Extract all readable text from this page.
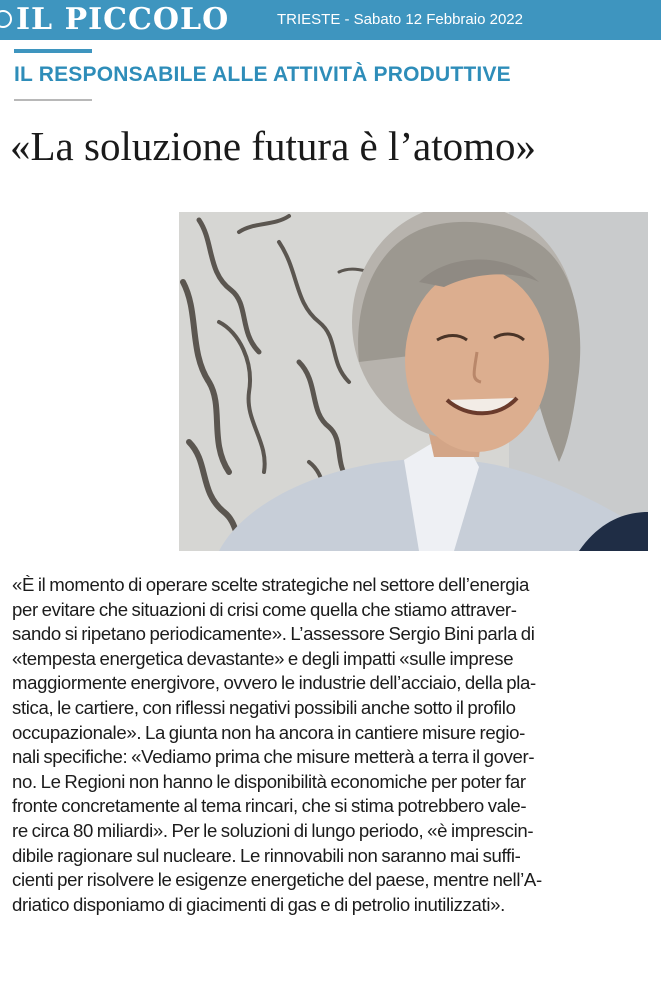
IL PICCOLO	TRIESTE - Sabato 12 Febbraio 2022
IL RESPONSABILE ALLE ATTIVITÀ PRODUTTIVE
«La soluzione futura è l’atomo»
«È il momento di operare scelte strategiche nel settore dell’energia
per evitare che situazioni di crisi come quella che stiamo attraver-
sando si ripetano periodicamente». L’assessore Sergio Bini parla di
«tempesta energetica devastante» e degli impatti «sulle imprese
maggiormente energivore, ovvero le industrie dell’acciaio, della pla-
stica, le cartiere, con riflessi negativi possibili anche sotto il profilo
occupazionale». La giunta non ha ancora in cantiere misure regio-
nali specifiche: «Vediamo prima che misure metterà a terra il gover-
no. Le Regioni non hanno le disponibilità economiche per poter far
fronte concretamente al tema rincari, che si stima potrebbero vale-
re circa 80 miliardi». Per le soluzioni di lungo periodo, «è imprescin-
dibile ragionare sul nucleare. Le rinnovabili non saranno mai suffi-
cienti per risolvere le esigenze energetiche del paese, mentre nell’A-
driatico disponiamo di giacimenti di gas e di petrolio inutilizzati».
